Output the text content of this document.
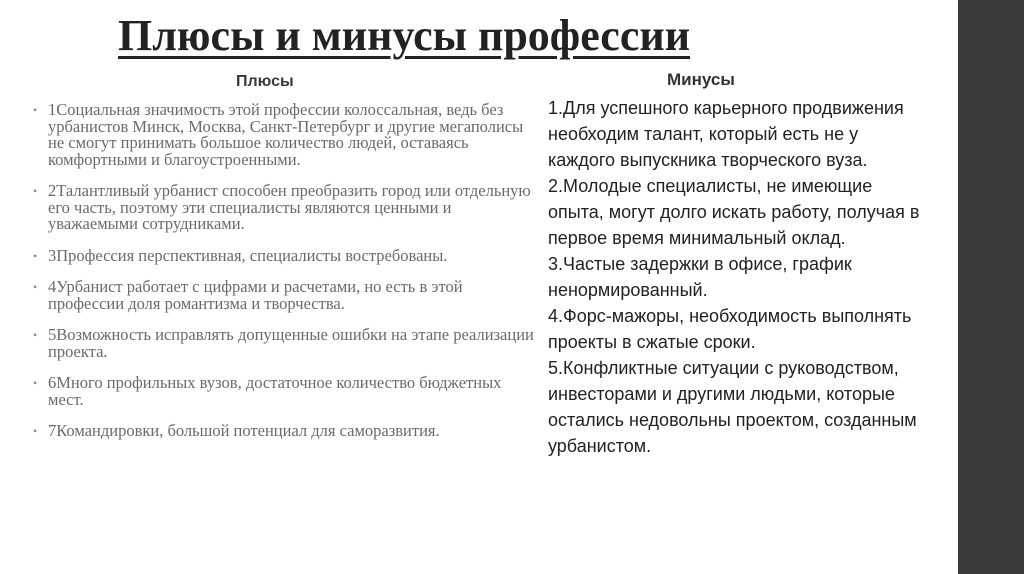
Плюсы и минусы профессии
Плюсы
• 1Социальная значимость этой профессии колоссальная, ведь без урбанистов Минск, Москва, Санкт-Петербург и другие мегаполисы не смогут принимать большое количество людей, оставаясь комфортными и благоустроенными.
• 2Талантливый урбанист способен преобразить город или отдельную его часть, поэтому эти специалисты являются ценными и уважаемыми сотрудниками.
• 3Профессия перспективная, специалисты востребованы.
• 4Урбанист работает с цифрами и расчетами, но есть в этой профессии доля романтизма и творчества.
• 5Возможность исправлять допущенные ошибки на этапе реализации проекта.
• 6Много профильных вузов, достаточное количество бюджетных мест.
• 7Командировки, большой потенциал для саморазвития.
Минусы
1.Для успешного карьерного продвижения необходим талант, который есть не у каждого выпускника творческого вуза.
2.Молодые специалисты, не имеющие опыта, могут долго искать работу, получая в первое время минимальный оклад.
3.Частые задержки в офисе, график ненормированный.
4.Форс-мажоры, необходимость выполнять проекты в сжатые сроки.
5.Конфликтные ситуации с руководством, инвесторами и другими людьми, которые остались недовольны проектом, созданным урбанистом.
